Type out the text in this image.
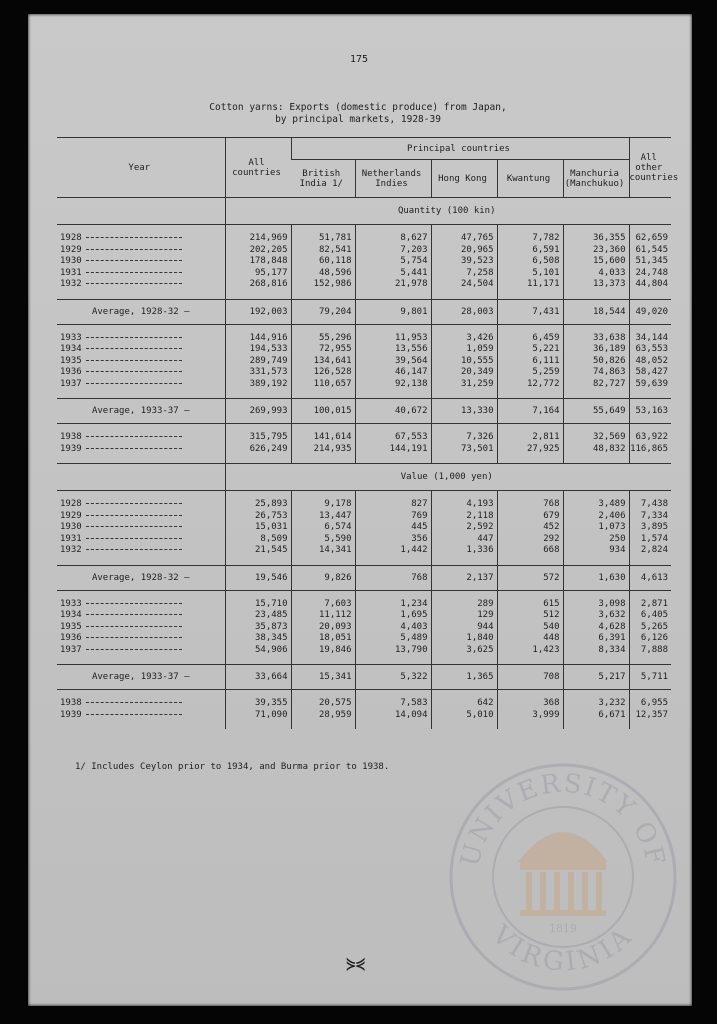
175
Cotton yarns: Exports (domestic produce) from Japan,
by principal markets, 1928-39
Year	All countries	Principal countries					All other countries
		British India 1/	Netherlands Indies	Hong Kong	Kwantung	Manchuria (Manchukuo)	
	Quantity (100 kin)						

1928	214,969	51,781	8,627	47,765	7,782	36,355	62,659
1929	202,205	82,541	7,203	20,965	6,591	23,360	61,545
1930	178,848	60,118	5,754	39,523	6,508	15,600	51,345
1931	95,177	48,596	5,441	7,258	5,101	4,033	24,748
1932	268,816	152,986	21,978	24,504	11,171	13,373	44,804

Average, 1928-32 —	192,003	79,204	9,801	28,003	7,431	18,544	49,020

1933	144,916	55,296	11,953	3,426	6,459	33,638	34,144
1934	194,533	72,955	13,556	1,059	5,221	36,189	63,553
1935	289,749	134,641	39,564	10,555	6,111	50,826	48,052
1936	331,573	126,528	46,147	20,349	5,259	74,863	58,427
1937	389,192	110,657	92,138	31,259	12,772	82,727	59,639

Average, 1933-37 —	269,993	100,015	40,672	13,330	7,164	55,649	53,163

1938	315,795	141,614	67,553	7,326	2,811	32,569	63,922
1939	626,249	214,935	144,191	73,501	27,925	48,832	116,865

	Value (1,000 yen)						

1928	25,893	9,178	827	4,193	768	3,489	7,438
1929	26,753	13,447	769	2,118	679	2,406	7,334
1930	15,031	6,574	445	2,592	452	1,073	3,895
1931	8,509	5,590	356	447	292	250	1,574
1932	21,545	14,341	1,442	1,336	668	934	2,824

Average, 1928-32 —	19,546	9,826	768	2,137	572	1,630	4,613

1933	15,710	7,603	1,234	289	615	3,098	2,871
1934	23,485	11,112	1,695	129	512	3,632	6,405
1935	35,873	20,093	4,403	944	540	4,628	5,265
1936	38,345	18,051	5,489	1,840	448	6,391	6,126
1937	54,906	19,846	13,790	3,625	1,423	8,334	7,888

Average, 1933-37 —	33,664	15,341	5,322	1,365	708	5,217	5,711

1938	39,355	20,575	7,583	642	368	3,232	6,955
1939	71,090	28,959	14,094	5,010	3,999	6,671	12,357

1/ Includes Ceylon prior to 1934, and Burma prior to 1938.
UNIVERSITY OF
VIRGINIA
1819
⋟⋞
